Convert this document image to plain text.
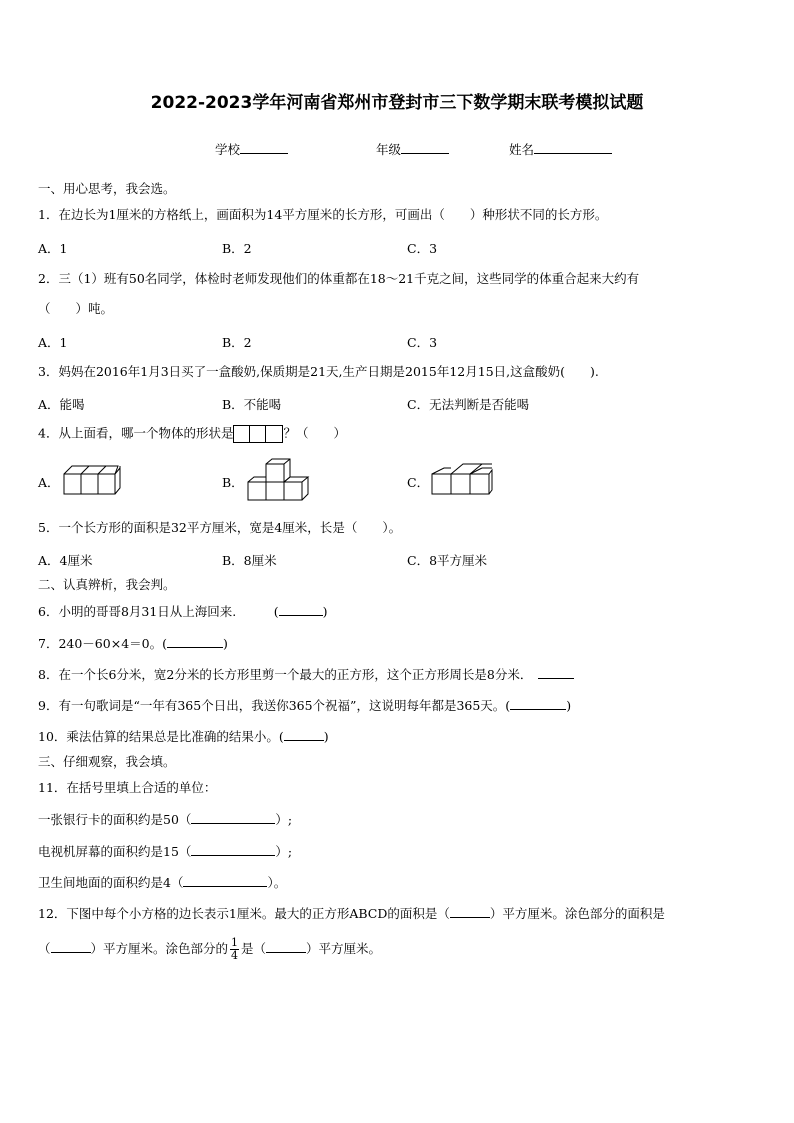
2022-2023学年河南省郑州市登封市三下数学期末联考模拟试题
学校	年级	姓名
一、用心思考，我会选。
1．在边长为1厘米的方格纸上，画面积为14平方厘米的长方形，可画出（　　）种形状不同的长方形。
A．1	B．2	C．3
2．三（1）班有50名同学，体检时老师发现他们的体重都在18～21千克之间，这些同学的体重合起来大约有
（　　）吨。
A．1	B．2	C．3
3．妈妈在2016年1月3日买了一盒酸奶,保质期是21天,生产日期是2015年12月15日,这盒酸奶(　　).
A．能喝	B．不能喝	C．无法判断是否能喝
4．从上面看，哪一个物体的形状是	？（　　）
A．	B．	C．
5．一个长方形的面积是32平方厘米，宽是4厘米，长是（　　）。
A．4厘米	B．8厘米	C．8平方厘米
二、认真辨析，我会判。
6．小明的哥哥8月31日从上海回来.　　　(	)
7．240－60×4＝0。(	)
8．在一个长6分米，宽2分米的长方形里剪一个最大的正方形，这个正方形周长是8分米．
9．有一句歌词是“一年有365个日出，我送你365个祝福”，这说明每年都是365天。(	)
10．乘法估算的结果总是比准确的结果小。(	)
三、仔细观察，我会填。
11．在括号里填上合适的单位：
一张银行卡的面积约是50（	）;
电视机屏幕的面积约是15（	）;
卫生间地面的面积约是4（	）。
12．下图中每个小方格的边长表示1厘米。最大的正方形ABCD的面积是（	）平方厘米。涂色部分的面积是
（	）平方厘米。涂色部分的 $\frac{1}{4}$ 是（	）平方厘米。
